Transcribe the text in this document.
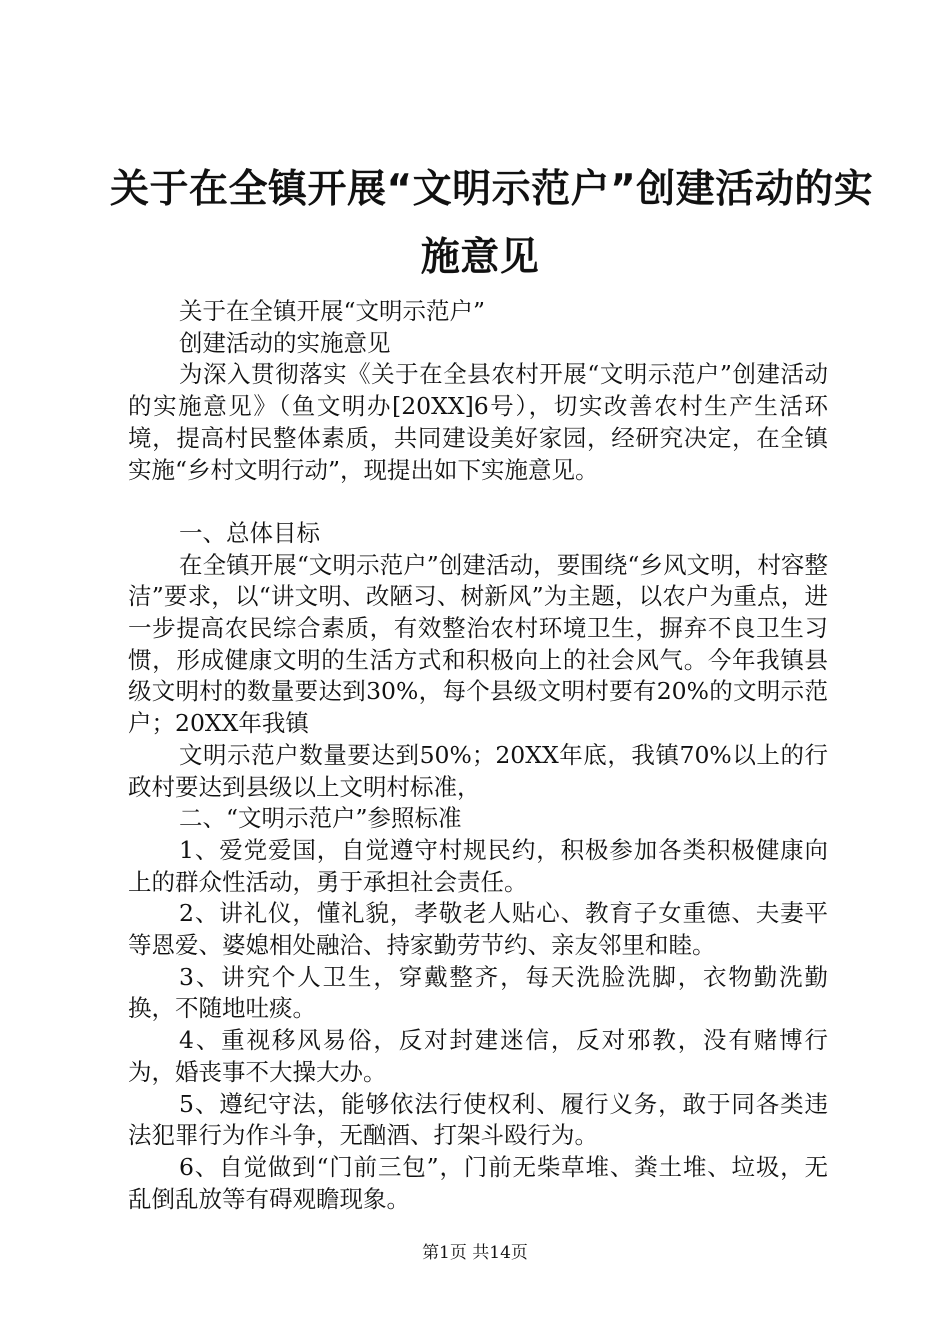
关于在全镇开展“文明示范户”创建活动的实
施意见

关于在全镇开展“文明示范户”

创建活动的实施意见

为深入贯彻落实《关于在全县农村开展“文明示范户”创建活动的实施意见》（鱼文明办[20XX]6号），切实改善农村生产生活环境，提高村民整体素质，共同建设美好家园，经研究决定，在全镇实施“乡村文明行动”，现提出如下实施意见。

一、总体目标

在全镇开展“文明示范户”创建活动，要围绕“乡风文明，村容整洁”要求，以“讲文明、改陋习、树新风”为主题，以农户为重点，进一步提高农民综合素质，有效整治农村环境卫生，摒弃不良卫生习惯，形成健康文明的生活方式和积极向上的社会风气。今年我镇县级文明村的数量要达到30%，每个县级文明村要有20%的文明示范户；20XX年我镇

文明示范户数量要达到50%；20XX年底，我镇70%以上的行政村要达到县级以上文明村标准，

二、“文明示范户”参照标准

1、爱党爱国，自觉遵守村规民约，积极参加各类积极健康向上的群众性活动，勇于承担社会责任。

2、讲礼仪，懂礼貌，孝敬老人贴心、教育子女重德、夫妻平等恩爱、婆媳相处融洽、持家勤劳节约、亲友邻里和睦。

3、讲究个人卫生，穿戴整齐，每天洗脸洗脚，衣物勤洗勤换，不随地吐痰。

4、重视移风易俗，反对封建迷信，反对邪教，没有赌博行为，婚丧事不大操大办。

5、遵纪守法，能够依法行使权利、履行义务，敢于同各类违法犯罪行为作斗争，无酗酒、打架斗殴行为。

6、自觉做到“门前三包”，门前无柴草堆、粪土堆、垃圾，无乱倒乱放等有碍观瞻现象。

第1页 共14页
